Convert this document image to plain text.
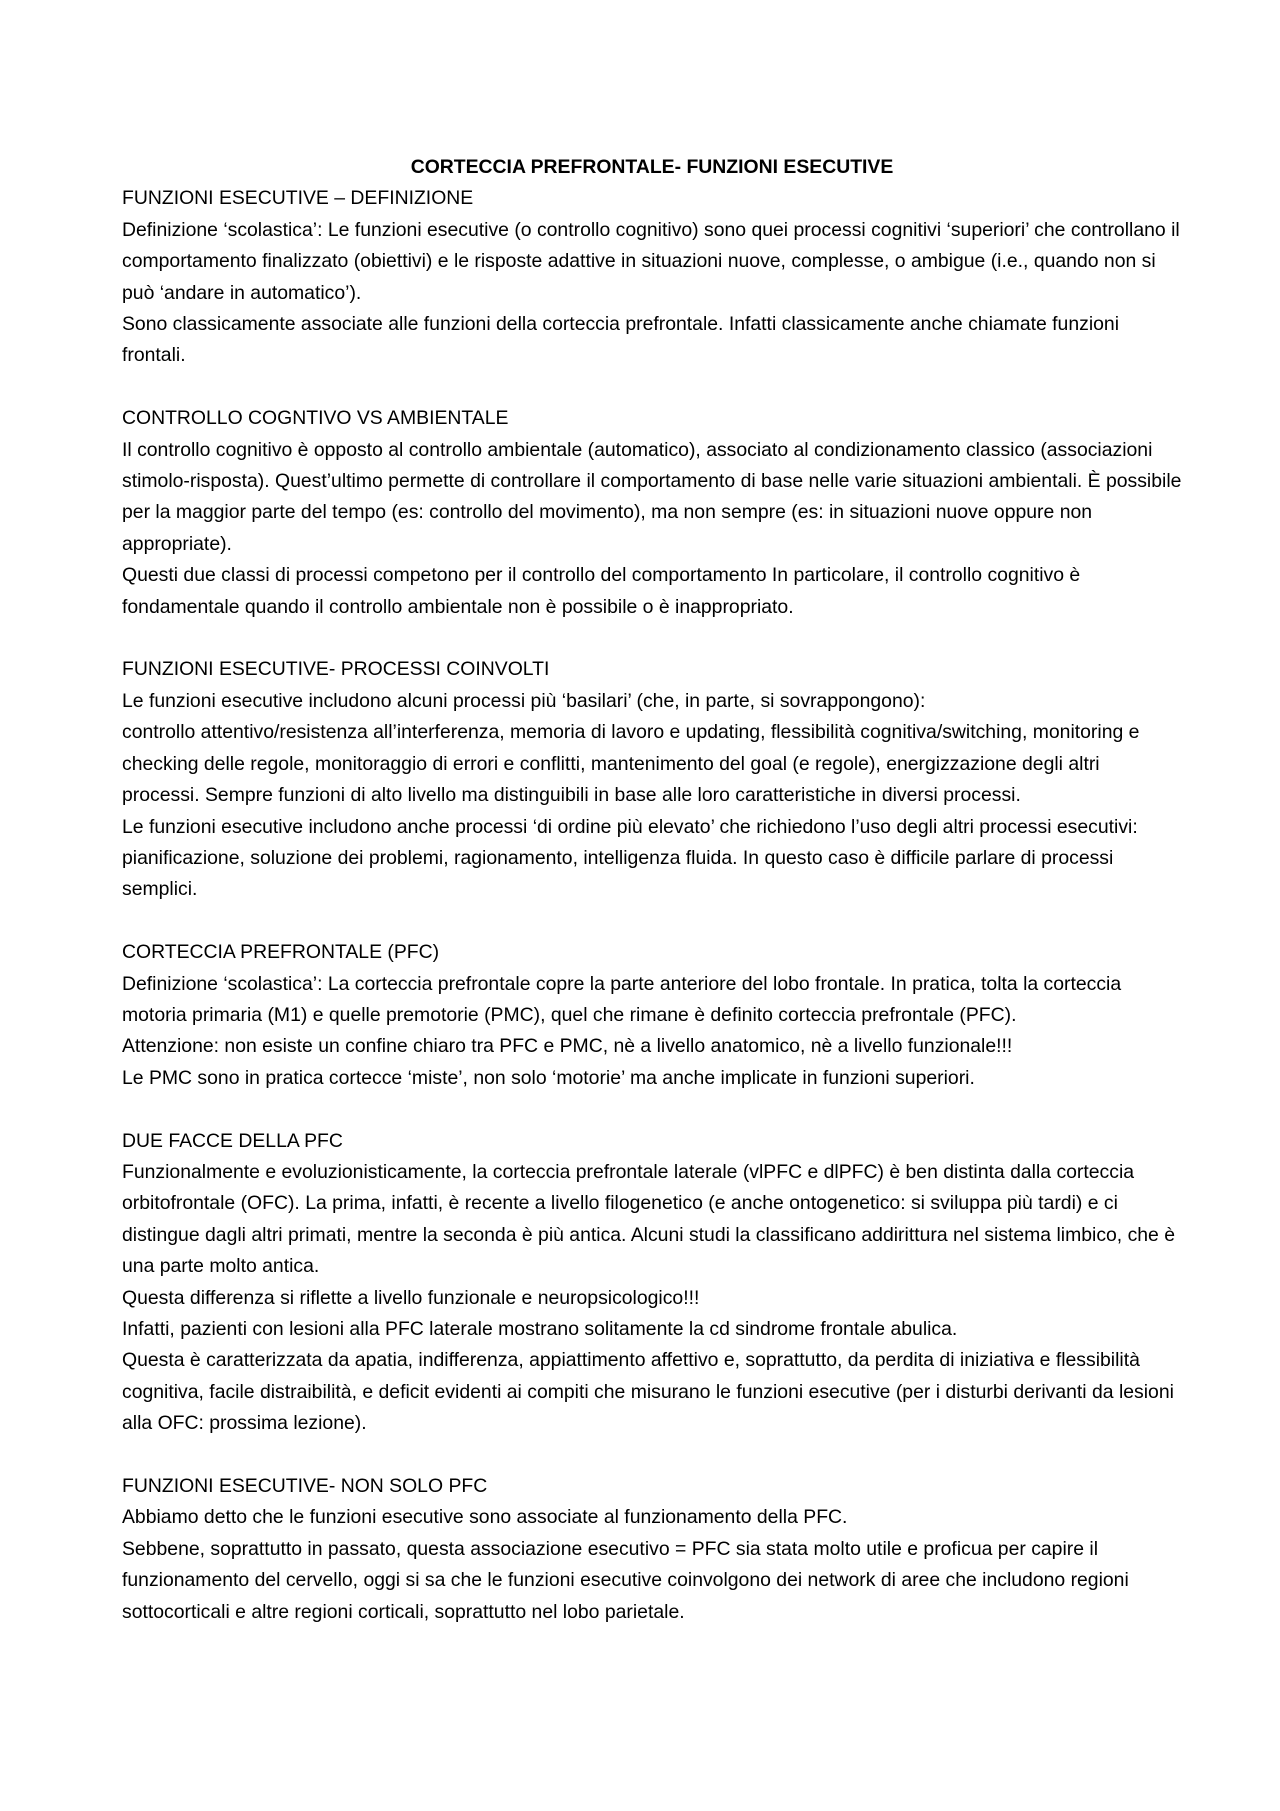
CORTECCIA PREFRONTALE- FUNZIONI ESECUTIVE

FUNZIONI ESECUTIVE – DEFINIZIONE

Definizione ‘scolastica’: Le funzioni esecutive (o controllo cognitivo) sono quei processi cognitivi ‘superiori’ che controllano il comportamento finalizzato (obiettivi) e le risposte adattive in situazioni nuove, complesse, o ambigue (i.e., quando non si può ‘andare in automatico’).

Sono classicamente associate alle funzioni della corteccia prefrontale. Infatti classicamente anche chiamate funzioni frontali.

CONTROLLO COGNTIVO VS AMBIENTALE

Il controllo cognitivo è opposto al controllo ambientale (automatico), associato al condizionamento classico (associazioni stimolo-risposta). Quest’ultimo permette di controllare il comportamento di base nelle varie situazioni ambientali. È possibile per la maggior parte del tempo (es: controllo del movimento), ma non sempre (es: in situazioni nuove oppure non appropriate).

Questi due classi di processi competono per il controllo del comportamento In particolare, il controllo cognitivo è fondamentale quando il controllo ambientale non è possibile o è inappropriato.

FUNZIONI ESECUTIVE- PROCESSI COINVOLTI

Le funzioni esecutive includono alcuni processi più ‘basilari’ (che, in parte, si sovrappongono):

controllo attentivo/resistenza all’interferenza, memoria di lavoro e updating, flessibilità cognitiva/switching, monitoring e checking delle regole, monitoraggio di errori e conflitti, mantenimento del goal (e regole), energizzazione degli altri processi. Sempre funzioni di alto livello ma distinguibili in base alle loro caratteristiche in diversi processi.

Le funzioni esecutive includono anche processi ‘di ordine più elevato’ che richiedono l’uso degli altri processi esecutivi: pianificazione, soluzione dei problemi, ragionamento, intelligenza fluida. In questo caso è difficile parlare di processi semplici.

CORTECCIA PREFRONTALE (PFC)

Definizione ‘scolastica’: La corteccia prefrontale copre la parte anteriore del lobo frontale. In pratica, tolta la corteccia motoria primaria (M1) e quelle premotorie (PMC), quel che rimane è definito corteccia prefrontale (PFC).

Attenzione: non esiste un confine chiaro tra PFC e PMC, nè a livello anatomico, nè a livello funzionale!!!

Le PMC sono in pratica cortecce ‘miste’, non solo ‘motorie’ ma anche implicate in funzioni superiori.

DUE FACCE DELLA PFC

Funzionalmente e evoluzionisticamente, la corteccia prefrontale laterale (vlPFC e dlPFC) è ben distinta dalla corteccia orbitofrontale (OFC). La prima, infatti, è recente a livello filogenetico (e anche ontogenetico: si sviluppa più tardi) e ci distingue dagli altri primati, mentre la seconda è più antica. Alcuni studi la classificano addirittura nel sistema limbico, che è una parte molto antica.

Questa differenza si riflette a livello funzionale e neuropsicologico!!!

Infatti, pazienti con lesioni alla PFC laterale mostrano solitamente la cd sindrome frontale abulica.

Questa è caratterizzata da apatia, indifferenza, appiattimento affettivo e, soprattutto, da perdita di iniziativa e flessibilità cognitiva, facile distraibilità, e deficit evidenti ai compiti che misurano le funzioni esecutive (per i disturbi derivanti da lesioni alla OFC: prossima lezione).

FUNZIONI ESECUTIVE- NON SOLO PFC

Abbiamo detto che le funzioni esecutive sono associate al funzionamento della PFC.

Sebbene, soprattutto in passato, questa associazione esecutivo = PFC sia stata molto utile e proficua per capire il funzionamento del cervello, oggi si sa che le funzioni esecutive coinvolgono dei network di aree che includono regioni sottocorticali e altre regioni corticali, soprattutto nel lobo parietale.
